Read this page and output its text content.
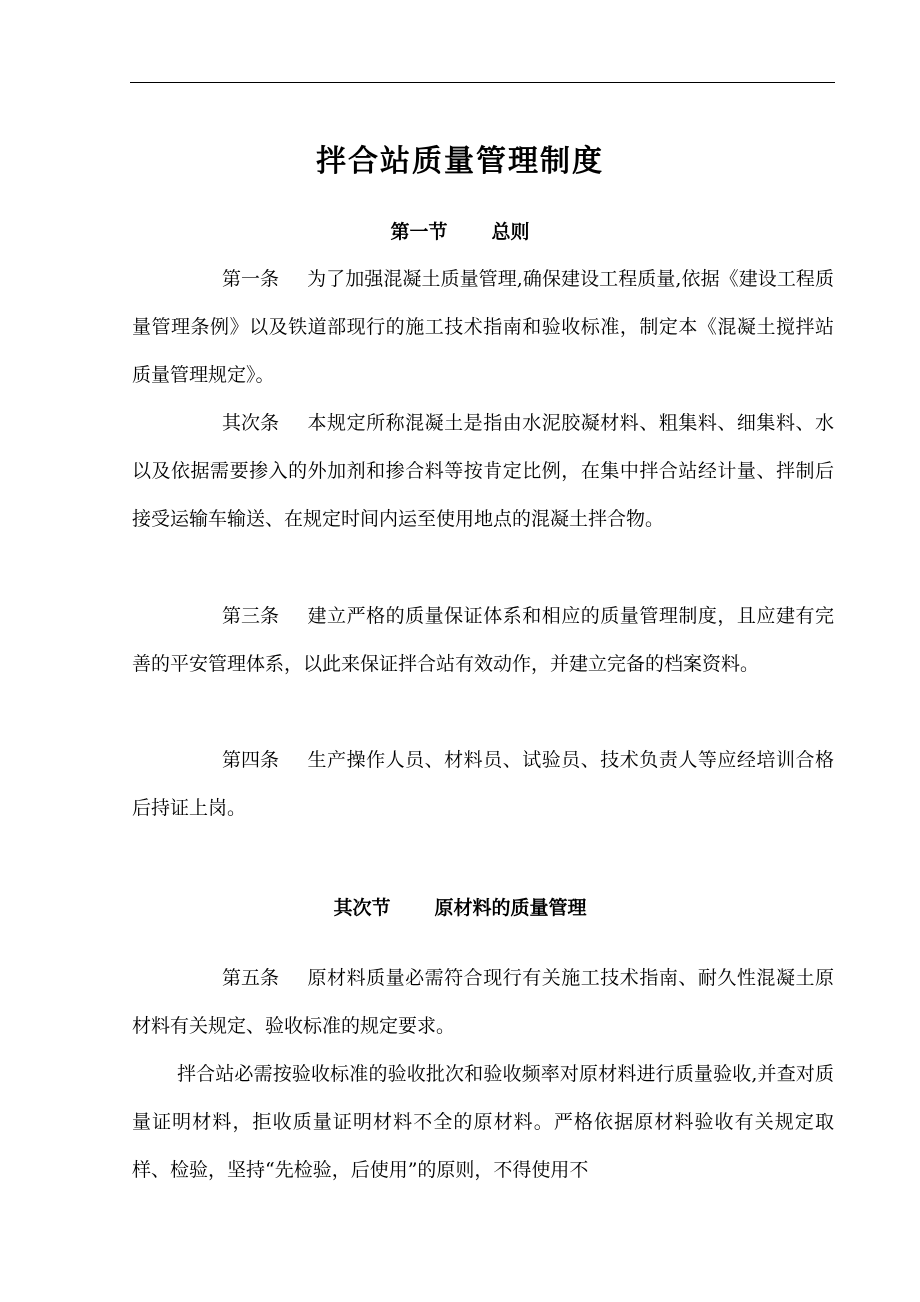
拌合站质量管理制度
第一节 总则

第一条 为了加强混凝土质量管理,确保建设工程质量,依据《建设工程质量管理条例》以及铁道部现行的施工技术指南和验收标准，制定本《混凝土搅拌站质量管理规定》。

其次条 本规定所称混凝土是指由水泥胶凝材料、粗集料、细集料、水以及依据需要掺入的外加剂和掺合料等按肯定比例，在集中拌合站经计量、拌制后接受运输车输送、在规定时间内运至使用地点的混凝土拌合物。

第三条 建立严格的质量保证体系和相应的质量管理制度，且应建有完善的平安管理体系，以此来保证拌合站有效动作，并建立完备的档案资料。

第四条 生产操作人员、材料员、试验员、技术负责人等应经培训合格后持证上岗。

其次节 原材料的质量管理

第五条 原材料质量必需符合现行有关施工技术指南、耐久性混凝土原材料有关规定、验收标准的规定要求。

拌合站必需按验收标准的验收批次和验收频率对原材料进行质量验收,并查对质量证明材料，拒收质量证明材料不全的原材料。严格依据原材料验收有关规定取样、检验，坚持“先检验，后使用”的原则，不得使用不
